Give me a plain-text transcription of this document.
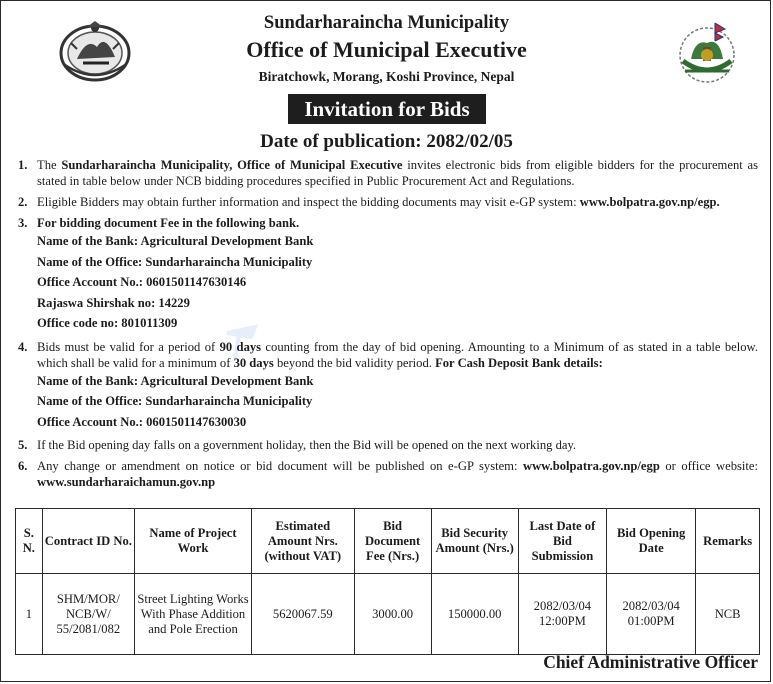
Sundarharaincha Municipality
Office of Municipal Executive
Biratchowk, Morang, Koshi Province, Nepal
Invitation for Bids
Date of publication: 2082/02/05
1. The Sundarharaincha Municipality, Office of Municipal Executive invites electronic bids from eligible bidders for the procurement as stated in table below under NCB bidding procedures specified in Public Procurement Act and Regulations.
2. Eligible Bidders may obtain further information and inspect the bidding documents may visit e-GP system: www.bolpatra.gov.np/egp.
3. For bidding document Fee in the following bank.
Name of the Bank: Agricultural Development Bank
Name of the Office: Sundarharaincha Municipality
Office Account No.: 0601501147630146
Rajaswa Shirshak no: 14229
Office code no: 801011309
4. Bids must be valid for a period of 90 days counting from the day of bid opening. Amounting to a Minimum of as stated in a table below. which shall be valid for a minimum of 30 days beyond the bid validity period. For Cash Deposit Bank details:
Name of the Bank: Agricultural Development Bank
Name of the Office: Sundarharaincha Municipality
Office Account No.: 0601501147630030
5. If the Bid opening day falls on a government holiday, then the Bid will be opened on the next working day.
6. Any change or amendment on notice or bid document will be published on e-GP system: www.bolpatra.gov.np/egp or office website: www.sundarharaichamun.gov.np
S. N.	Contract ID No.	Name of Project Work	Estimated Amount Nrs. (without VAT)	Bid Document Fee (Nrs.)	Bid Security Amount (Nrs.)	Last Date of Bid Submission	Bid Opening Date	Remarks
1	SHM/MOR/ NCB/W/ 55/2081/082	Street Lighting Works With Phase Addition and Pole Erection	5620067.59	3000.00	150000.00	2082/03/04 12:00PM	2082/03/04 01:00PM	NCB
Chief Administrative Officer
